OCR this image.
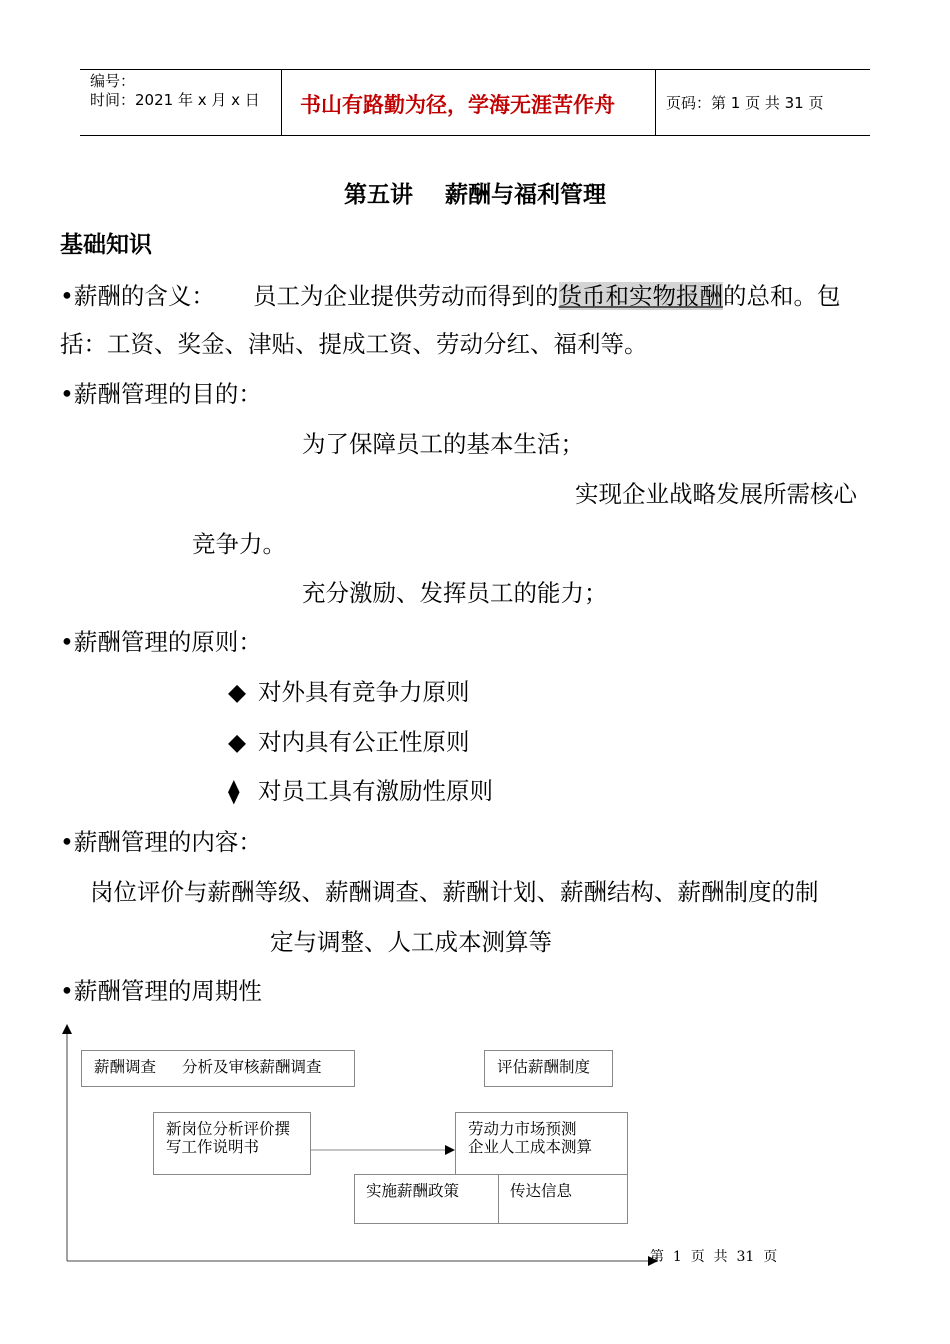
编号：
时间：2021 年 x 月 x 日 书山有路勤为径，学海无涯苦作舟	页码：第 1 页 共 31 页
第五讲    薪酬与福利管理
基础知识
•薪酬的含义： 员工为企业提供劳动而得到的货币和实物报酬的总和。包
括：工资、奖金、津贴、提成工资、劳动分红、福利等。
•薪酬管理的目的：
为了保障员工的基本生活；
实现企业战略发展所需核心
竞争力。
充分激励、发挥员工的能力；
•薪酬管理的原则：
◆ 对外具有竞争力原则
◆ 对内具有公正性原则
⧫ 对员工具有激励性原则
•薪酬管理的内容：
岗位评价与薪酬等级、薪酬调查、薪酬计划、薪酬结构、薪酬制度的制
定与调整、人工成本测算等
•薪酬管理的周期性
薪酬调查 分析及审核薪酬调查	评估薪酬制度
新岗位分析评价撰
写工作说明书
劳动力市场预测
企业人工成本测算
实施薪酬政策	传达信息
第  1  页  共  31  页
